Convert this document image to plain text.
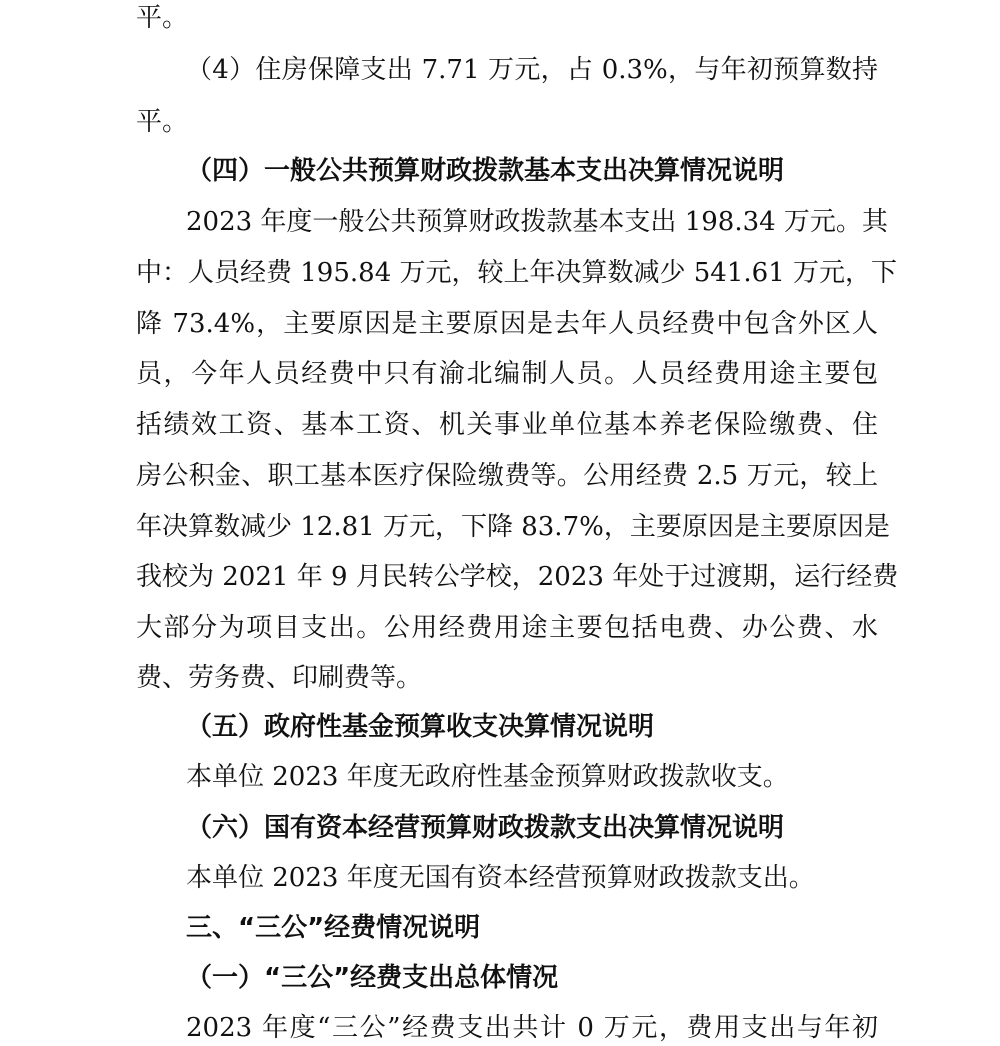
平。

（4）住房保障支出 7.71 万元，占 0.3%，与年初预算数持

平。

（四）一般公共预算财政拨款基本支出决算情况说明

2023 年度一般公共预算财政拨款基本支出 198.34 万元。其

中：人员经费 195.84 万元，较上年决算数减少 541.61 万元，下

降 73.4%，主要原因是主要原因是去年人员经费中包含外区人

员，今年人员经费中只有渝北编制人员。人员经费用途主要包

括绩效工资、基本工资、机关事业单位基本养老保险缴费、住

房公积金、职工基本医疗保险缴费等。公用经费 2.5 万元，较上

年决算数减少 12.81 万元，下降 83.7%，主要原因是主要原因是

我校为 2021 年 9 月民转公学校，2023 年处于过渡期，运行经费

大部分为项目支出。公用经费用途主要包括电费、办公费、水

费、劳务费、印刷费等。

（五）政府性基金预算收支决算情况说明

本单位 2023 年度无政府性基金预算财政拨款收支。

（六）国有资本经营预算财政拨款支出决算情况说明

本单位 2023 年度无国有资本经营预算财政拨款支出。

三、“三公”经费情况说明

（一）“三公”经费支出总体情况

2023 年度“三公”经费支出共计 0 万元，费用支出与年初
